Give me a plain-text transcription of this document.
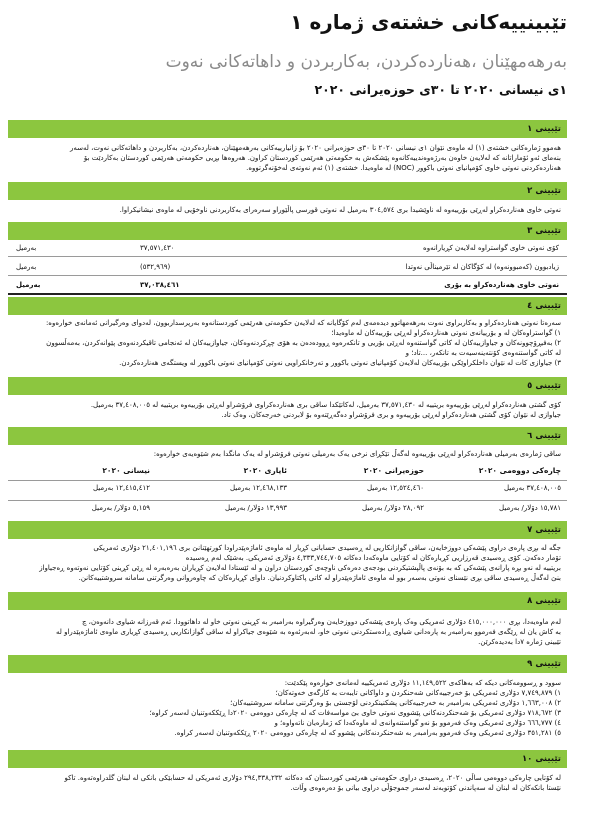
تێبینییەکانی خشتەی ژمارە ١
بەرهەمهێنان ،هەناردەکردن، بەکاربردن و داهاتەکانی نەوت
١ی نیسانی ٢٠٢٠ تا ٣٠ی حوزەیرانی ٢٠٢٠
تێبینی ١

هەموو ژمارەکانی خشتەی (١) لە ماوەی نێوان ١ی نیسانی ٢٠٢٠ تا ٣٠ی حوزەیرانی ٢٠٢٠ بۆ زانیارییەکانی بەرهەمهێنان، هەناردەکردن، بەکاربردن و داهاتەکانی نەوت، لەسەر

بنەمای ئەو ئۆماراتانە کە لەلایەن خاوەن بەرژەوەندییەکانەوە پێشکەش بە حکومەتی هەرێمی کوردستان کراون. هەروەها بڕیی حکومەتی هەرێمی کوردستان بەکاردێت بۆ

هەناردەکردنی نەوتی خاوی کۆمپانیای نەوتی باکوور (NOC) لە ماوەیدا. خشتەی (١) ئەم نەوتەی لەخۆنەگرتووە.

تێبینی ٢

نەوتی خاوی هەناردەکراو لەڕێی بۆرییەوە لە ناوێشیدا بری ٣٠٤,٥٧٤ بەرمیل لە نەوتی قورسی پاڵێوراو سەرەرای بەکاربردنی ناوخۆیی لە ماوەی نیشانیکراوا.

تێبینی ٣
کۆی نەوتی خاوی گواستراوە لەلایەن کڕیارانەوە
٣٧,٥٧١,٤٣٠
بەرمیل
زیادبوون (کەمبوونەوە) لە کۆگاکان لە تێرمیناڵی نەوتدا
(٥٣٢,٩٦٩)
بەرمیل
نەوتی خاوی هەناردەکراو بە بۆری
٣٧,٠٣٨,٤٦١
بەرمیل
تێبینی ٤

سەرەتا نەوتی هەناردەکراو و بەکاربراوی نەوت بەرهەمهاتوو دیدەمەی لەم کۆگایانە کە لەلایەن حکومەتی هەرێمی کوردستانەوە بەرپرسداربوون، لەدوای وەرگیرانی ئەمانەی خوارەوە:

١) گواستراوەکان لە و بۆرییانەی نەوتی هەناردەکراو لەڕێی بۆرییەکان لە ماوەیدا؛

٢) بەفیڕۆچوونەکان و جیاوازییەکان لە کاتی گواستنەوە لەڕێی بۆریی و تانکەرەوە ڕوودەدەن بە هۆی چڕکردنەوەکان، جیاوازییەکان لە ئەنجامی تاقیکردنەوەی پێوانەکردن، بەمەڵسوون

لە کاتی گواستنەوەی کۆنتەینەسیەت بە تانکەر، ...تاد؛ و

٣) جیاوازی کات لە نێوان داخلکراوێکی بۆرییەکان لەلایەن کۆمپانیای نەوتی باکوور و تەرخانکراویی نەوتی کۆمپانیای نەوتی باکوور لە ویستگەی هەناردەکردن.

تێبینی ٥

کۆی گشتی هەناردەکراو لەڕێی بۆرییەوە بریتییە لە ٣٧,٥٧١,٤٣٠ بەرمیل، لەکاتێکدا ساقی بری هەناردەکراوی فرۆشراو لەڕێی بۆرییەوە بریتییە لە ٣٧,٤٠٨,٠٠٥ بەرمیل.

جیاوازی لە نێوان کۆی گشتی هەناردەکراو لەڕێی بۆرییەوە و بری فرۆشراو دەگەڕێتەوە بۆ لابردنی خەرجەکان، وەک تاد.

تێبینی ٦

ساقی ژمارەی بەرمیلی هەناردەکراو لەڕێی بۆرییەوە لەگەڵ تێکڕای نرخی یەک بەرمیلی نەوتی فرۆشراو لە یەک مانگدا بەم شێوەیەی خوارەوە:

چارەکی دووەمی ٢٠٢٠
حوزەیرانی ٢٠٢٠
ئایاری ٢٠٢٠
نیسانی ٢٠٢٠
٣٧,٤٠٨,٠٠٥ بەرمیل
١٢,٥٢٤,٤٦٠ بەرمیل
١٢,٤٦٨,١٣٣ بەرمیل
١٢,٤١٥,٤١٢ بەرمیل
١٥,٧٨١ دۆلار/ بەرمیل
٢٨,٠٩٢ دۆلار/ بەرمیل
١٣,٩٩٣ دۆلار/ بەرمیل
٥,١٥٩ دۆلار/ بەرمیل
تێبینی ٧

جگە لە بڕی پارەی دراوی پێشەکی دووزخایەن، ساقی گوازانکاریی لە ڕەسیدی حسابانی کڕیار لە ماوەی ئاماژەپێدراودا کورتهێنانێ بری ٢١,٤٠١,١٩٦ دۆلاری ئەمریکی

تۆمار دەکەن. کۆی ڕەسیدی قەرزاریی کڕیارەکان لە کۆتایی ماوەکەدا دەکاتە ٤,٣٣٣,٧٤٤,٧٠٥ دۆلاری ئەمریکی. بەشێک لەم ڕەسیدە

بریتییە لە نەو بڕە پارانەی پێشەکی کە بە بۆنەی پاڵپشتیکردنی بودجەی دەرەکی ناوچەی کوردستان دراون و لە ئێستادا لەلایەن کڕیاران بەرەبەرە لە ڕێی کڕینی کۆتایی نەوتەوە ڕەجیاواز

بنێ لەگەڵ ڕەسیدی ساقی بڕی نێسنای نەوتی بەسەر بوو لە ماوەی ئاماژەپێدراو لە کاتی پاکتاوکردنیان. داوای کڕیارەکان کە چاوەروانی وەرگرتنی سامانە سروشتییەکانن.

تێبینی ٨

لەم ماوەیەدا، بڕی ٤١٥,٠٠٠,٠٠٠ دۆلاری ئەمریکی وەک پارەی پێشەکی دووزخایەن وەرگیراوە بەرامبەر بە کڕینی نەوتی خاو لە داهاتوودا. ئەم قەرزانە شیاوی دانەوەن، چ

بە کاش یان لە ڕێگەی فەرموو بەرامبەر بە پارەدانی شیاوی ڕادەستکردنی نەوتی خاو، لەبەرئەوە بە شێوەی جیاکراو لە ساقی گوازانکاریی ڕەسیدی کڕیاری ماوەی ئاماژەپێدراو لە

تێبینی ژمارە ٧دا بەدیدەکرێن.

تێبینی ٩

سوود و ڕسوومەکانی دیکە کە بەهاکەی ١١,١٤٩,٥٢٢ دۆلاری ئەمریکییە لەمانەی خوارەوە پێکدێت:

١) ٧,٧٤٩,٨٧٩ دۆلاری ئەمریکی بۆ خەرجییەکانی شەحنکردن و داواکانی تایبەت بە کارگەی خەوتەکان؛

٢) ١,٦٦٣,٠٠٨ دۆلاری ئەمریکی بەرامبەر بە خەرجییەکانی پشکنینکردنی لۆجستی بۆ وەرگرتنی سامانە سروشتییەکان؛

٣) ٧١٨,٦٧٢ دۆلاری ئەمریکی بۆ شەحنکردنەکانی پێشووی نەوتی خاوی بێ مواسەفات کە لە چارەکی دووەمی ٢٠٢٠دا ڕێککەوتنیان لەسەر کراوە؛

٤) ٦٦٦,٧٧٧ دۆلاری ئەمریکی وەک فەرموو بۆ نەو گواستنەوانەی لە ماوەکەدا کە ژمارەیان ناتەواوە؛ و

٥) ٣٥١,٢٨١ دۆلاری ئەمریکی وەک فەرموو بەرامبەر بە شەحنکردنەکانی پێشوو کە لە چارەکی دووەمی ٢٠٢٠ ڕێککەوتنیان لەسەر کراوە.

تێبینی ١٠

لە کۆتایی چارەکی دووەمی ساڵی ٢٠٢٠، ڕەسیدی دراوی حکومەتی هەرێمی کوردستان کە دەکاتە ٢٩٤,٣٣٨,٢٣٢ دۆلاری ئەمریکی لە حسابێکی بانکی لە لبنان گلدراوەتەوە. تاکو

نێستا بانکەکان لە لبنان لە سەپاندنی کۆتوبەند لەسەر جموجۆڵی دراوی بیانی بۆ دەرەوەی وڵات.
